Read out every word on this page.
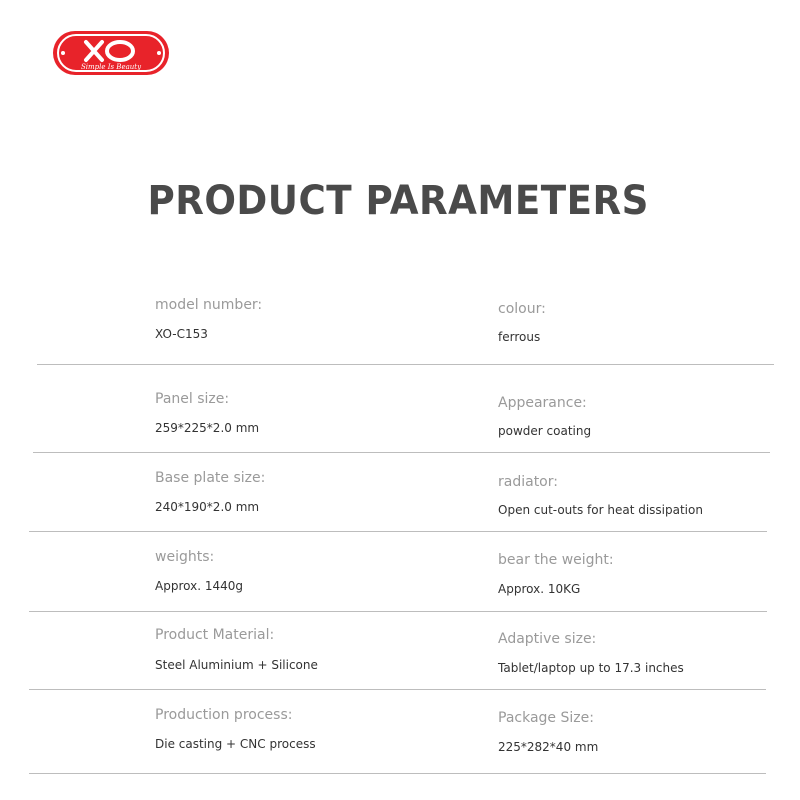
Simple Is Beauty
PRODUCT PARAMETERS
model number:
XO-C153
colour:
ferrous
Panel size:
259*225*2.0 mm
Appearance:
powder coating
Base plate size:
240*190*2.0 mm
radiator:
Open cut-outs for heat dissipation
weights:
Approx. 1440g
bear the weight:
Approx. 10KG
Product Material:
Steel Aluminium + Silicone
Adaptive size:
Tablet/laptop up to 17.3 inches
Production process:
Die casting + CNC process
Package Size:
225*282*40 mm
